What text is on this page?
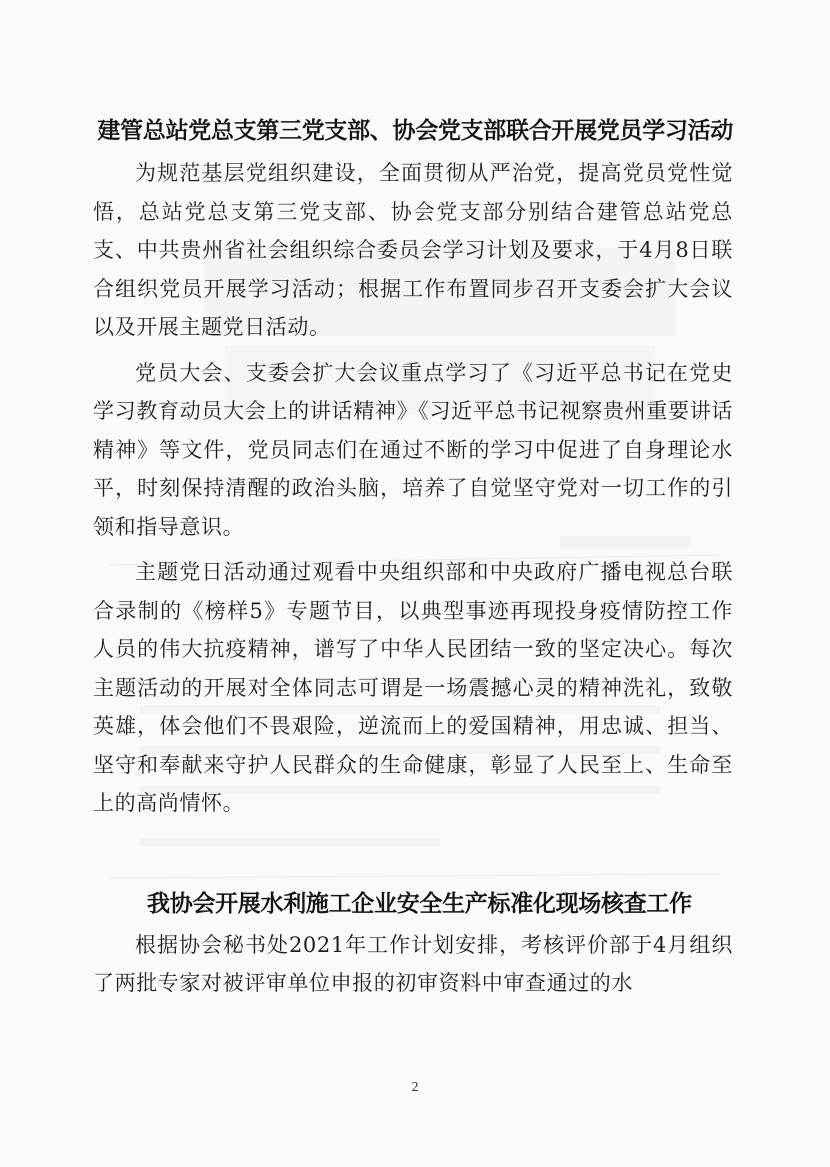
建管总站党总支第三党支部、协会党支部联合开展党员学习活动

为规范基层党组织建设，全面贯彻从严治党，提高党员党性觉悟，总站党总支第三党支部、协会党支部分别结合建管总站党总支、中共贵州省社会组织综合委员会学习计划及要求，于4月8日联合组织党员开展学习活动；根据工作布置同步召开支委会扩大会议以及开展主题党日活动。

党员大会、支委会扩大会议重点学习了《习近平总书记在党史学习教育动员大会上的讲话精神》《习近平总书记视察贵州重要讲话精神》等文件，党员同志们在通过不断的学习中促进了自身理论水平，时刻保持清醒的政治头脑，培养了自觉坚守党对一切工作的引领和指导意识。

主题党日活动通过观看中央组织部和中央政府广播电视总台联合录制的《榜样5》专题节目，以典型事迹再现投身疫情防控工作人员的伟大抗疫精神，谱写了中华人民团结一致的坚定决心。每次主题活动的开展对全体同志可谓是一场震撼心灵的精神洗礼，致敬英雄，体会他们不畏艰险，逆流而上的爱国精神，用忠诚、担当、坚守和奉献来守护人民群众的生命健康，彰显了人民至上、生命至上的高尚情怀。

我协会开展水利施工企业安全生产标准化现场核查工作

根据协会秘书处2021年工作计划安排，考核评价部于4月组织了两批专家对被评审单位申报的初审资料中审查通过的水

2
